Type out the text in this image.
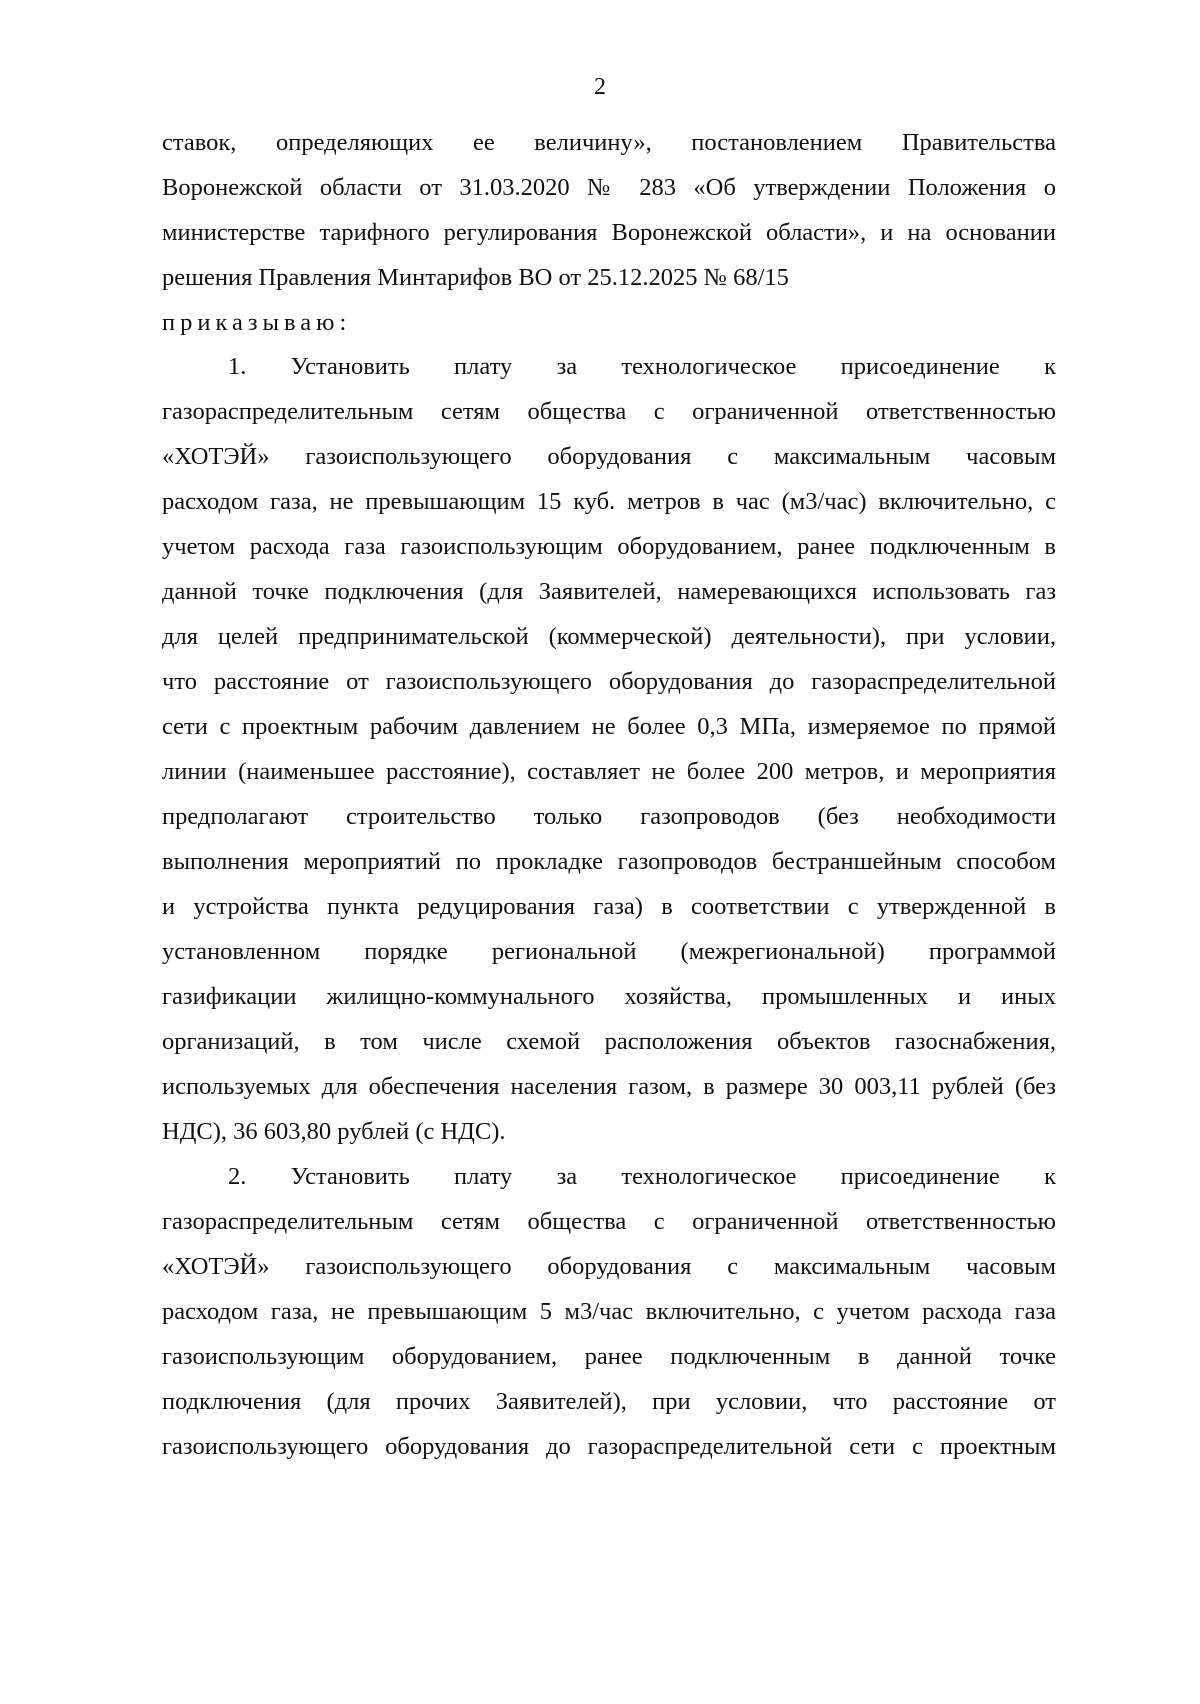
2
ставок, определяющих ее величину», постановлением Правительства
Воронежской области от 31.03.2020 № 283 «Об утверждении Положения о
министерстве тарифного регулирования Воронежской области», и на основании
решения Правления Минтарифов ВО от 25.12.2025 № 68/15
приказываю:
1. Установить плату за технологическое присоединение к
газораспределительным сетям общества с ограниченной ответственностью
«ХОТЭЙ» газоиспользующего оборудования с максимальным часовым
расходом газа, не превышающим 15 куб. метров в час (м3/час) включительно, с
учетом расхода газа газоиспользующим оборудованием, ранее подключенным в
данной точке подключения (для Заявителей, намеревающихся использовать газ
для целей предпринимательской (коммерческой) деятельности), при условии,
что расстояние от газоиспользующего оборудования до газораспределительной
сети с проектным рабочим давлением не более 0,3 МПа, измеряемое по прямой
линии (наименьшее расстояние), составляет не более 200 метров, и мероприятия
предполагают строительство только газопроводов (без необходимости
выполнения мероприятий по прокладке газопроводов бестраншейным способом
и устройства пункта редуцирования газа) в соответствии с утвержденной в
установленном порядке региональной (межрегиональной) программой
газификации жилищно-коммунального хозяйства, промышленных и иных
организаций, в том числе схемой расположения объектов газоснабжения,
используемых для обеспечения населения газом, в размере 30 003,11 рублей (без
НДС), 36 603,80 рублей (с НДС).
2. Установить плату за технологическое присоединение к
газораспределительным сетям общества с ограниченной ответственностью
«ХОТЭЙ» газоиспользующего оборудования с максимальным часовым
расходом газа, не превышающим 5 м3/час включительно, с учетом расхода газа
газоиспользующим оборудованием, ранее подключенным в данной точке
подключения (для прочих Заявителей), при условии, что расстояние от
газоиспользующего оборудования до газораспределительной сети с проектным
